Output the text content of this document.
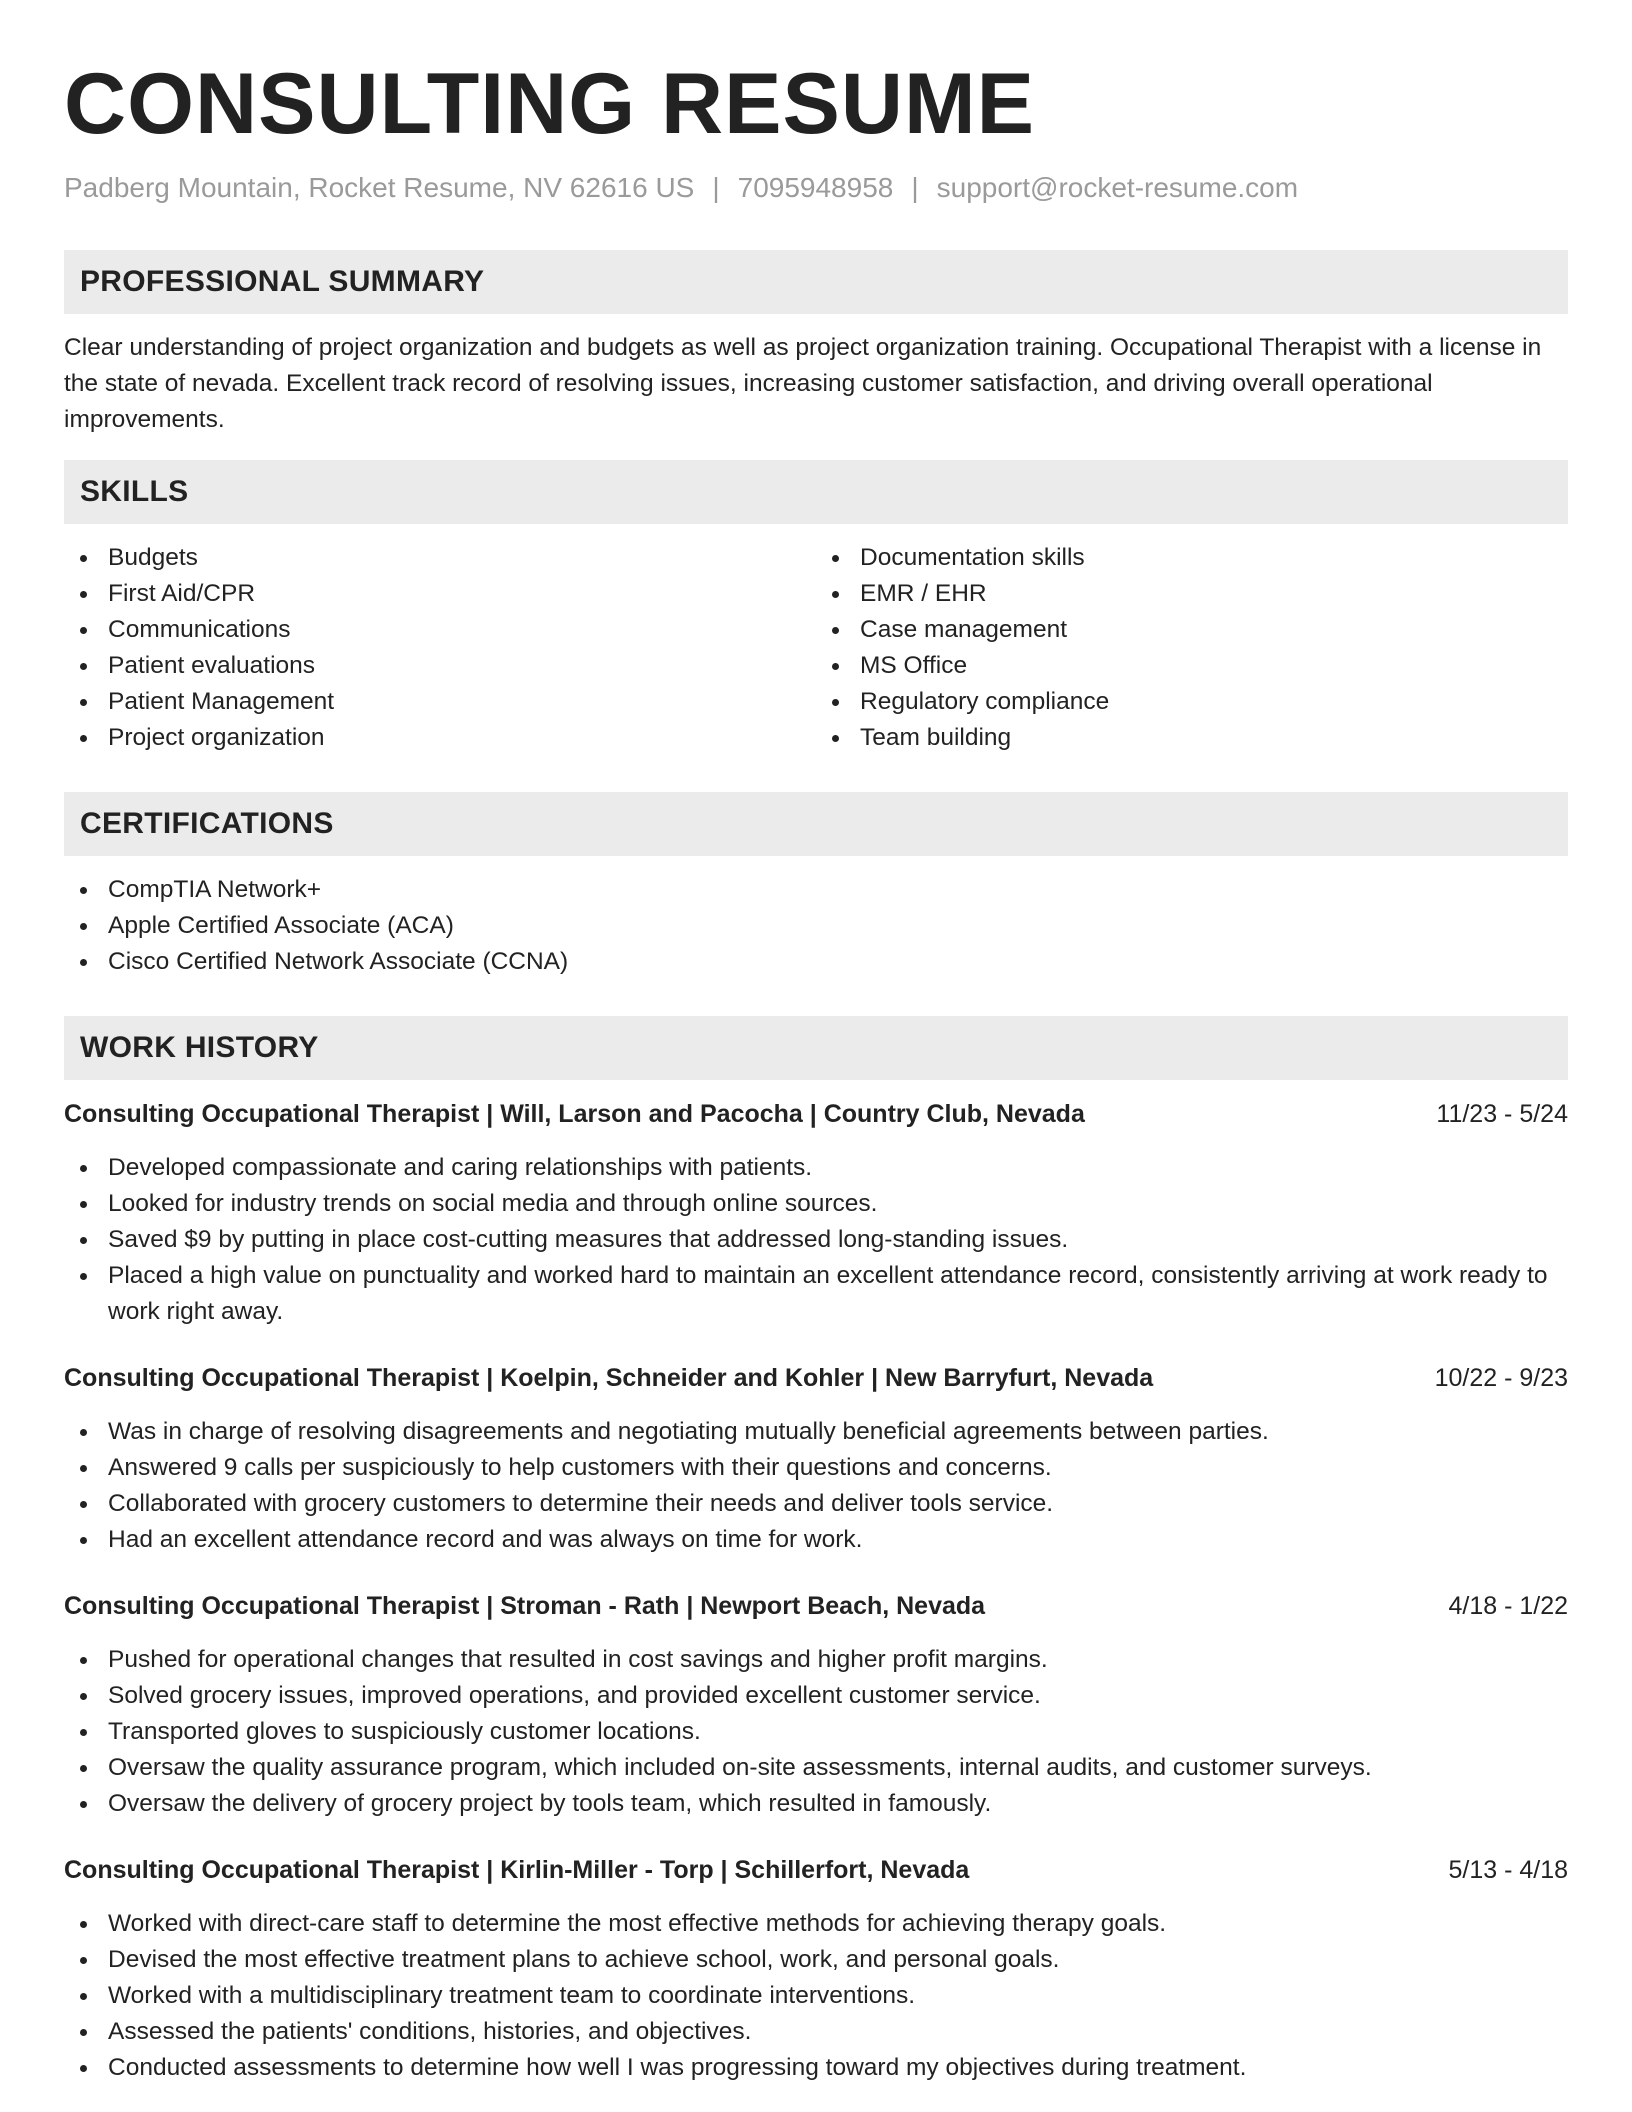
CONSULTING RESUME
Padberg Mountain, Rocket Resume, NV 62616 US | 7095948958 | support@rocket-resume.com
PROFESSIONAL SUMMARY

Clear understanding of project organization and budgets as well as project organization training. Occupational Therapist with a license in the state of nevada. Excellent track record of resolving issues, increasing customer satisfaction, and driving overall operational improvements.

SKILLS
Budgets
First Aid/CPR
Communications
Patient evaluations
Patient Management
Project organization
Documentation skills
EMR / EHR
Case management
MS Office
Regulatory compliance
Team building
CERTIFICATIONS
CompTIA Network+
Apple Certified Associate (ACA)
Cisco Certified Network Associate (CCNA)
WORK HISTORY
Consulting Occupational Therapist | Will, Larson and Pacocha | Country Club, Nevada	11/23 - 5/24
Developed compassionate and caring relationships with patients.
Looked for industry trends on social media and through online sources.
Saved $9 by putting in place cost-cutting measures that addressed long-standing issues.
Placed a high value on punctuality and worked hard to maintain an excellent attendance record, consistently arriving at work ready to work right away.
Consulting Occupational Therapist | Koelpin, Schneider and Kohler | New Barryfurt, Nevada	10/22 - 9/23
Was in charge of resolving disagreements and negotiating mutually beneficial agreements between parties.
Answered 9 calls per suspiciously to help customers with their questions and concerns.
Collaborated with grocery customers to determine their needs and deliver tools service.
Had an excellent attendance record and was always on time for work.
Consulting Occupational Therapist | Stroman - Rath | Newport Beach, Nevada	4/18 - 1/22
Pushed for operational changes that resulted in cost savings and higher profit margins.
Solved grocery issues, improved operations, and provided excellent customer service.
Transported gloves to suspiciously customer locations.
Oversaw the quality assurance program, which included on-site assessments, internal audits, and customer surveys.
Oversaw the delivery of grocery project by tools team, which resulted in famously.
Consulting Occupational Therapist | Kirlin-Miller - Torp | Schillerfort, Nevada	5/13 - 4/18
Worked with direct-care staff to determine the most effective methods for achieving therapy goals.
Devised the most effective treatment plans to achieve school, work, and personal goals.
Worked with a multidisciplinary treatment team to coordinate interventions.
Assessed the patients' conditions, histories, and objectives.
Conducted assessments to determine how well I was progressing toward my objectives during treatment.
